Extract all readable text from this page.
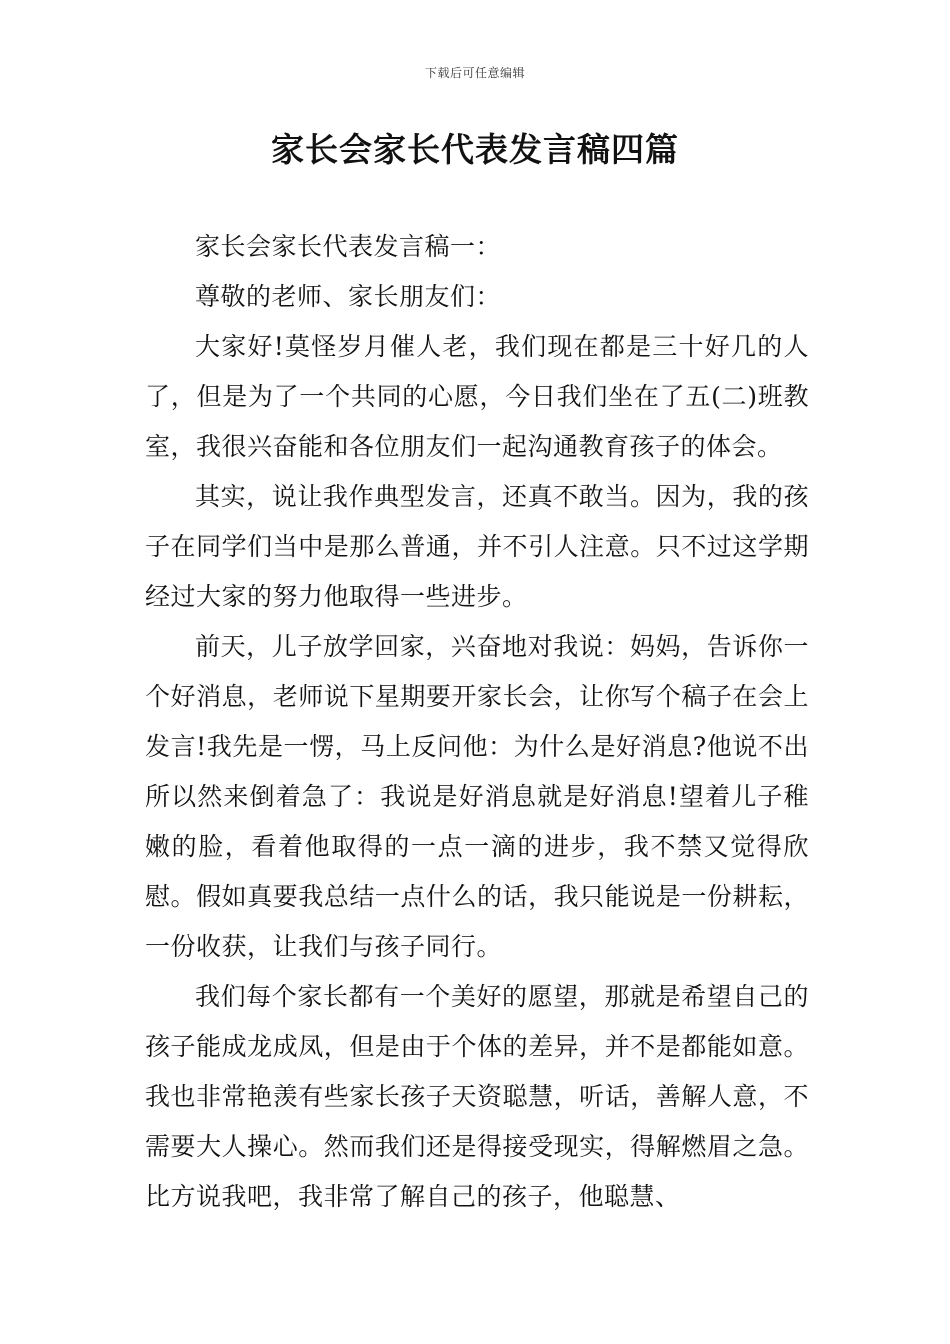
下载后可任意编辑
家长会家长代表发言稿四篇

家长会家长代表发言稿一：

尊敬的老师、家长朋友们：

大家好!莫怪岁月催人老，我们现在都是三十好几的人了，但是为了一个共同的心愿，今日我们坐在了五(二)班教室，我很兴奋能和各位朋友们一起沟通教育孩子的体会。

其实，说让我作典型发言，还真不敢当。因为，我的孩子在同学们当中是那么普通，并不引人注意。只不过这学期经过大家的努力他取得一些进步。

前天，儿子放学回家，兴奋地对我说：妈妈，告诉你一个好消息，老师说下星期要开家长会，让你写个稿子在会上发言!我先是一愣，马上反问他：为什么是好消息?他说不出所以然来倒着急了：我说是好消息就是好消息!望着儿子稚嫩的脸，看着他取得的一点一滴的进步，我不禁又觉得欣慰。假如真要我总结一点什么的话，我只能说是一份耕耘，一份收获，让我们与孩子同行。

我们每个家长都有一个美好的愿望，那就是希望自己的孩子能成龙成凤，但是由于个体的差异，并不是都能如意。我也非常艳羡有些家长孩子天资聪慧，听话，善解人意，不需要大人操心。然而我们还是得接受现实，得解燃眉之急。比方说我吧，我非常了解自己的孩子，他聪慧、
